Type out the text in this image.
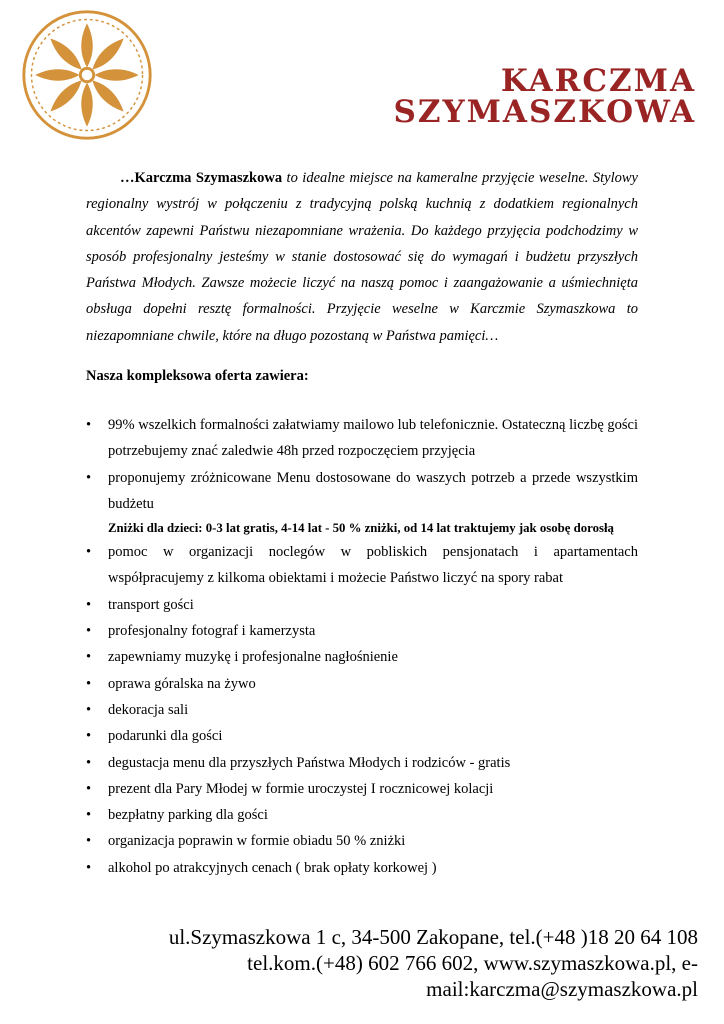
KARCZMA
SZYMASZKOWA

…Karczma Szymaszkowa to idealne miejsce na kameralne przyjęcie weselne. Stylowy regionalny wystrój w połączeniu z tradycyjną polską kuchnią z dodatkiem regionalnych akcentów zapewni Państwu niezapomniane wrażenia. Do każdego przyjęcia podchodzimy w sposób profesjonalny jesteśmy w stanie dostosować się do wymagań i budżetu przyszłych Państwa Młodych. Zawsze możecie liczyć na naszą pomoc i zaangażowanie a uśmiechnięta obsługa dopełni resztę formalności. Przyjęcie weselne w Karczmie Szymaszkowa to niezapomniane chwile, które na długo pozostaną w Państwa pamięci…

Nasza kompleksowa oferta zawiera:
• 99% wszelkich formalności załatwiamy mailowo lub telefonicznie. Ostateczną liczbę gości potrzebujemy znać zaledwie 48h przed rozpoczęciem przyjęcia
• proponujemy zróżnicowane Menu dostosowane do waszych potrzeb a przede wszystkim budżetu

Zniżki dla dzieci: 0-3 lat gratis, 4-14 lat - 50 % zniżki, od 14 lat traktujemy jak osobę dorosłą

• pomoc w organizacji noclegów w pobliskich pensjonatach i apartamentach współpracujemy z kilkoma obiektami i możecie Państwo liczyć na spory rabat
• transport gości
• profesjonalny fotograf i kamerzysta
• zapewniamy muzykę i profesjonalne nagłośnienie
• oprawa góralska na żywo
• dekoracja sali
• podarunki dla gości
• degustacja menu dla przyszłych Państwa Młodych i rodziców - gratis
• prezent dla Pary Młodej w formie uroczystej I rocznicowej kolacji
• bezpłatny parking dla gości
• organizacja poprawin w formie obiadu 50 % zniżki
• alkohol po atrakcyjnych cenach ( brak opłaty korkowej )
ul.Szymaszkowa 1 c, 34-500 Zakopane, tel.(+48 )18 20 64 108
tel.kom.(+48) 602 766 602, www.szymaszkowa.pl, e-mail:karczma@szymaszkowa.pl
